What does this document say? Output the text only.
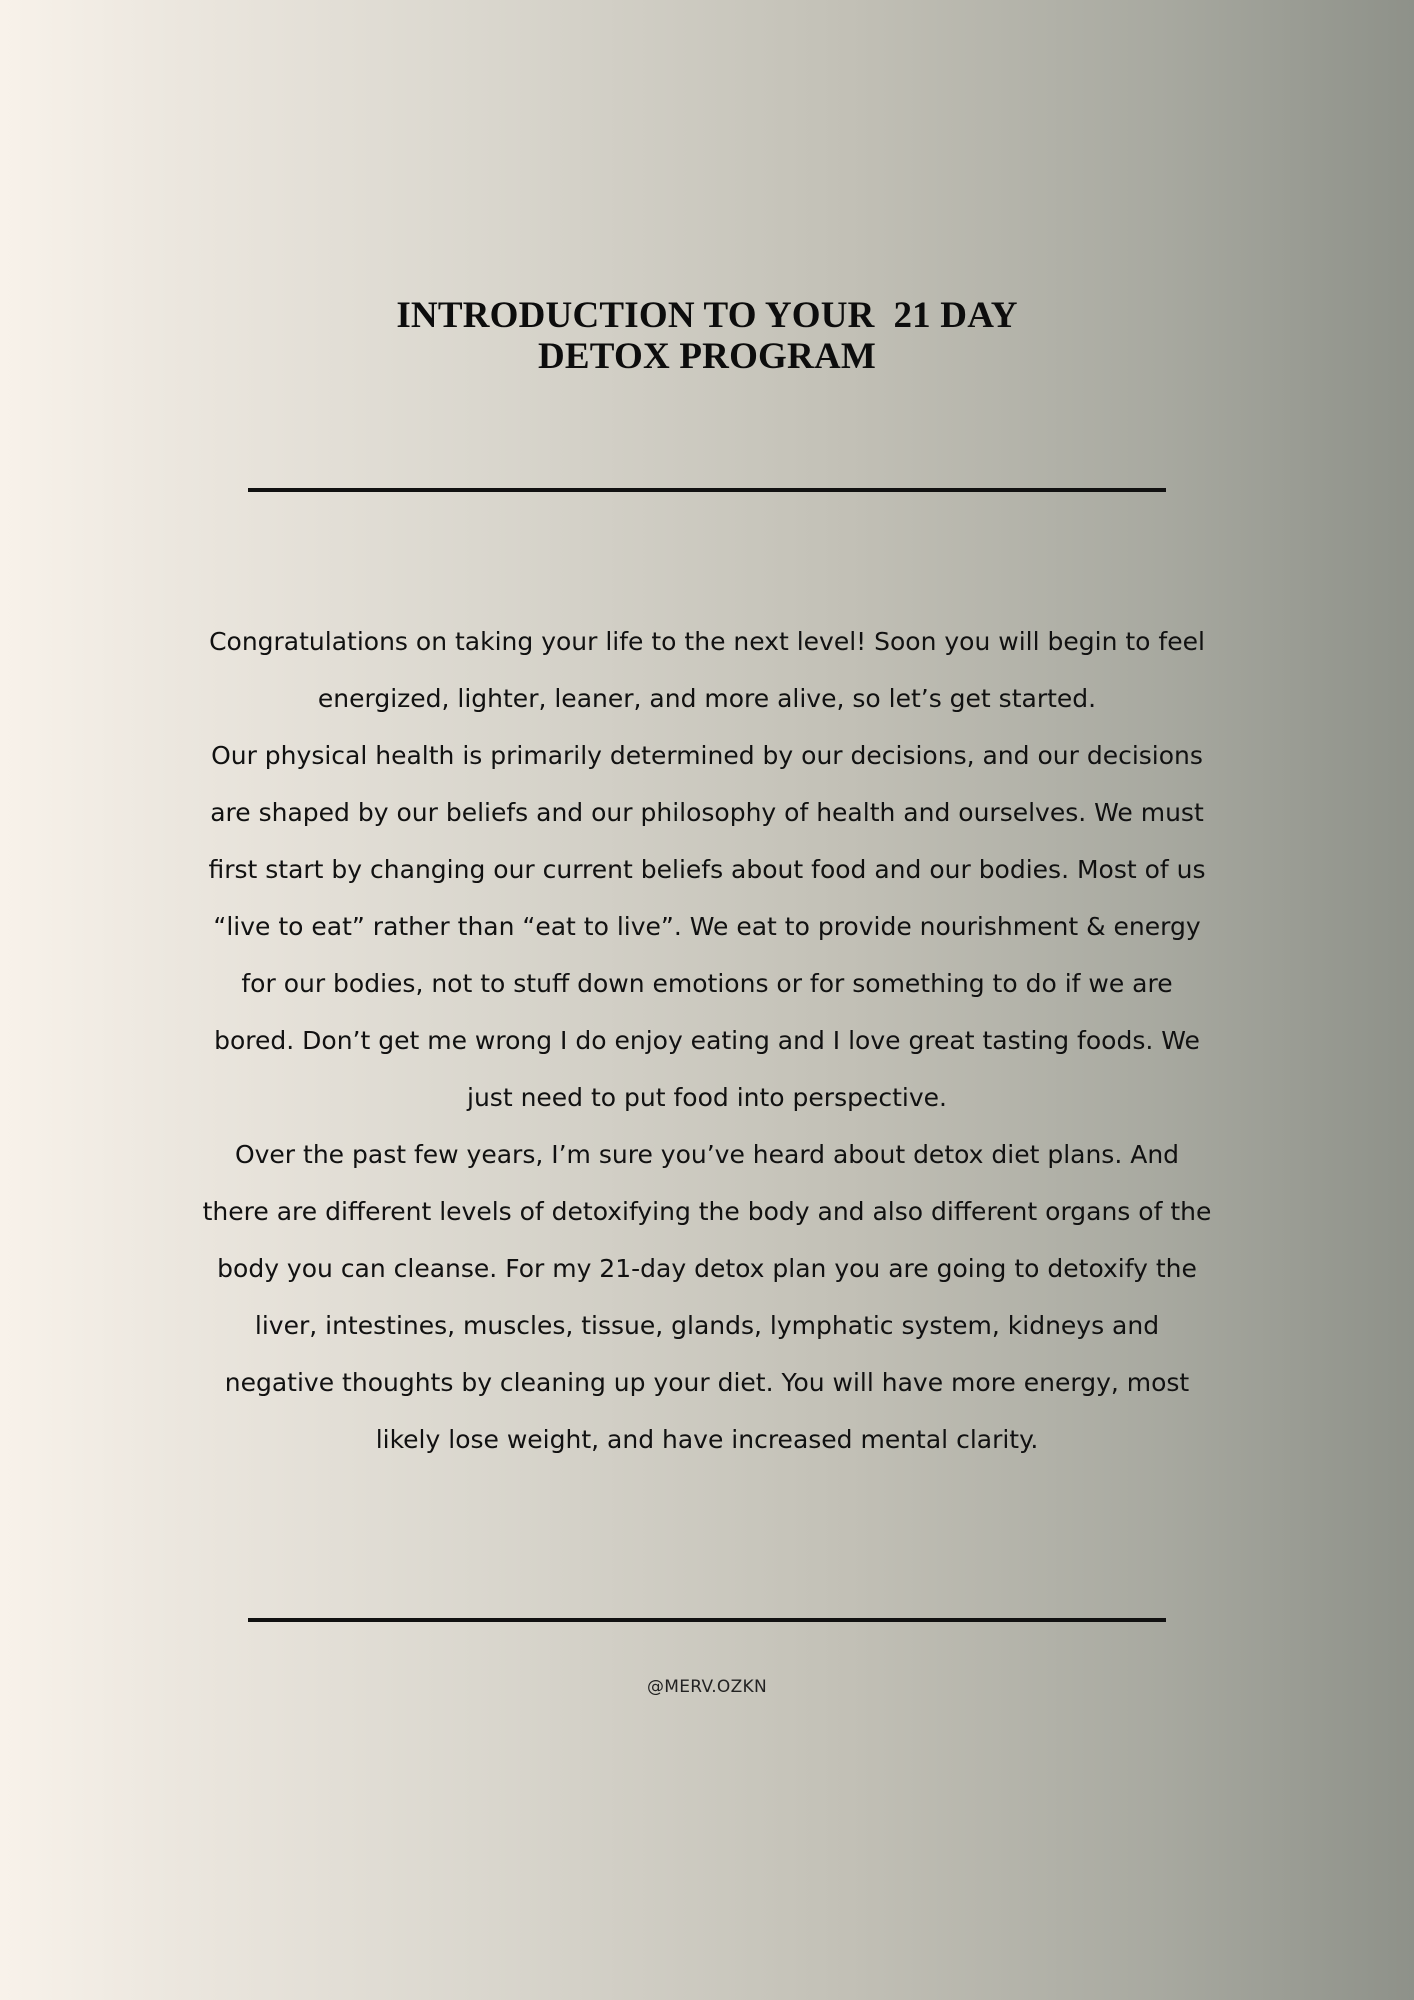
INTRODUCTION TO YOUR  21 DAY
DETOX PROGRAM

Congratulations on taking your life to the next level! Soon you will begin to feel energized, lighter, leaner, and more alive, so let’s get started.

Our physical health is primarily determined by our decisions, and our decisions are shaped by our beliefs and our philosophy of health and ourselves. We must first start by changing our current beliefs about food and our bodies. Most of us “live to eat” rather than “eat to live”. We eat to provide nourishment & energy for our bodies, not to stuff down emotions or for something to do if we are bored. Don’t get me wrong I do enjoy eating and I love great tasting foods. We just need to put food into perspective.

Over the past few years, I’m sure you’ve heard about detox diet plans. And there are different levels of detoxifying the body and also different organs of the body you can cleanse. For my 21-day detox plan you are going to detoxify the liver, intestines, muscles, tissue, glands, lymphatic system, kidneys and negative thoughts by cleaning up your diet. You will have more energy, most likely lose weight, and have increased mental clarity.

@MERV.OZKN
